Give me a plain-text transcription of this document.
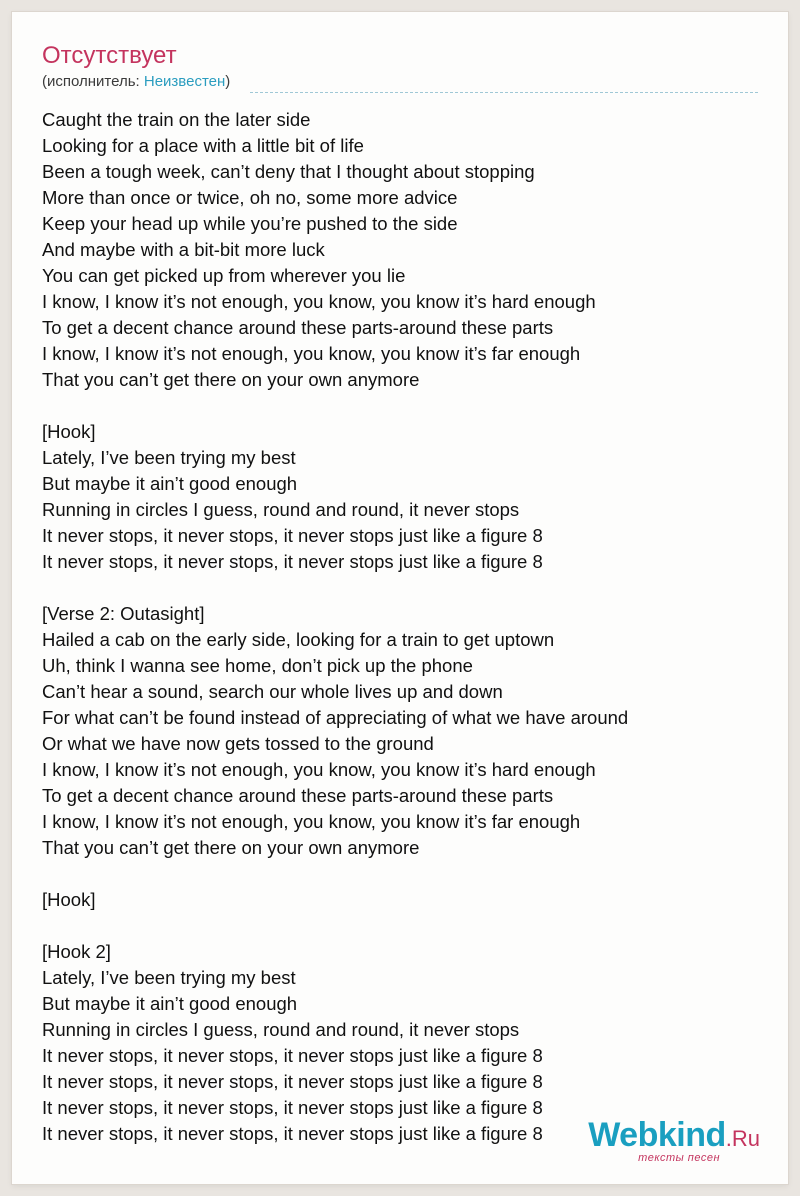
Отсутствует
(исполнитель: Неизвестен)
Caught the train on the later side
Looking for a place with a little bit of life
Been a tough week, can’t deny that I thought about stopping
More than once or twice, oh no, some more advice
Keep your head up while you’re pushed to the side
And maybe with a bit-bit more luck
You can get picked up from wherever you lie
I know, I know it’s not enough, you know, you know it’s hard enough
To get a decent chance around these parts-around these parts
I know, I know it’s not enough, you know, you know it’s far enough
That you can’t get there on your own anymore
[Hook]
Lately, I’ve been trying my best
But maybe it ain’t good enough
Running in circles I guess, round and round, it never stops
It never stops, it never stops, it never stops just like a figure 8
It never stops, it never stops, it never stops just like a figure 8
[Verse 2: Outasight]
Hailed a cab on the early side, looking for a train to get uptown
Uh, think I wanna see home, don’t pick up the phone
Can’t hear a sound, search our whole lives up and down
For what can’t be found instead of appreciating of what we have around
Or what we have now gets tossed to the ground
I know, I know it’s not enough, you know, you know it’s hard enough
To get a decent chance around these parts-around these parts
I know, I know it’s not enough, you know, you know it’s far enough
That you can’t get there on your own anymore
[Hook]
[Hook 2]
Lately, I’ve been trying my best
But maybe it ain’t good enough
Running in circles I guess, round and round, it never stops
It never stops, it never stops, it never stops just like a figure 8
It never stops, it never stops, it never stops just like a figure 8
It never stops, it never stops, it never stops just like a figure 8
It never stops, it never stops, it never stops just like a figure 8	Webkind.Ru
тексты песен
